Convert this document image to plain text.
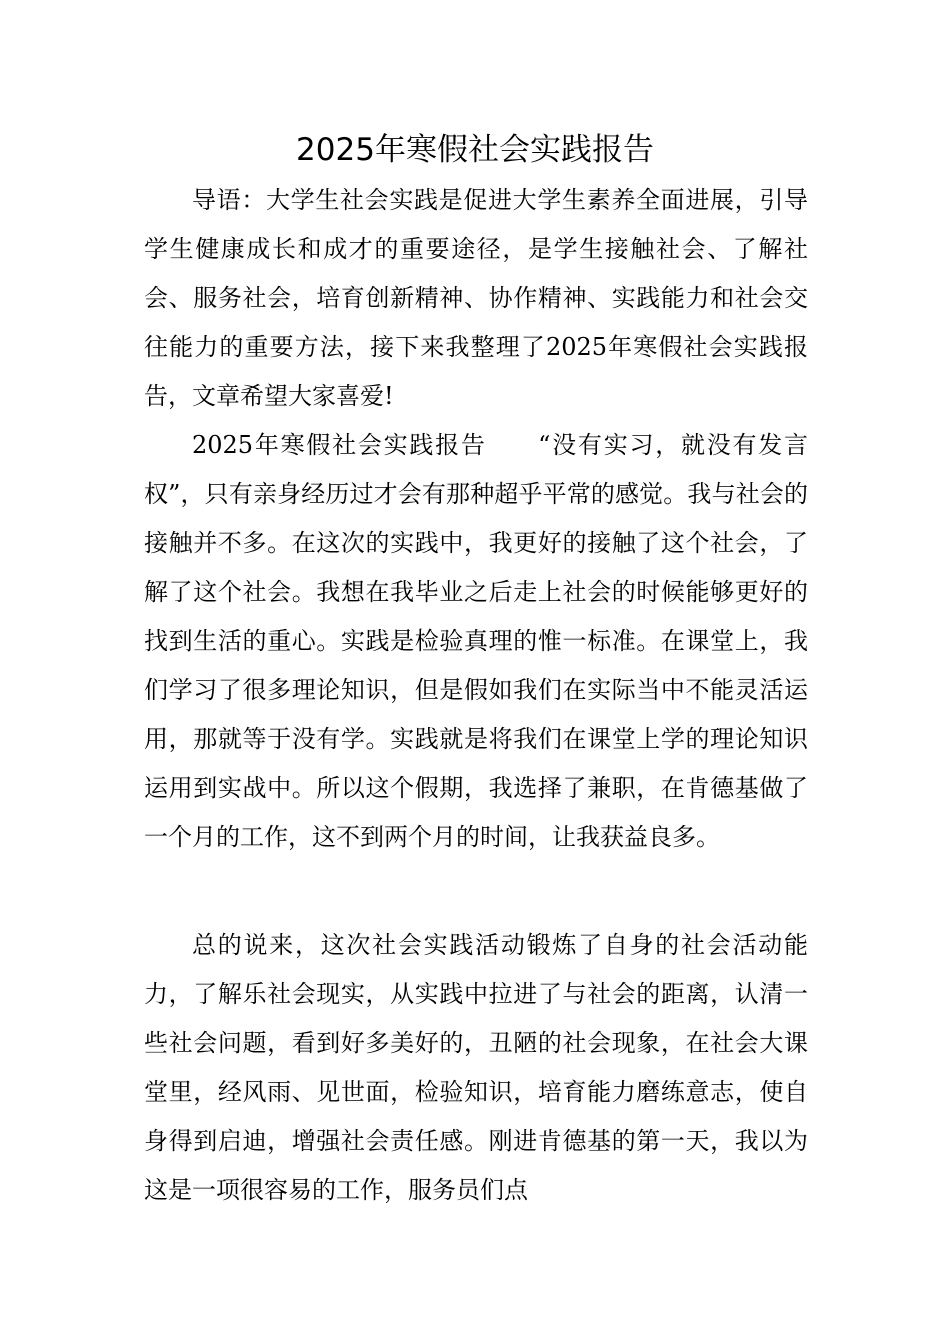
2025年寒假社会实践报告

导语：大学生社会实践是促进大学生素养全面进展，引导学生健康成长和成才的重要途径，是学生接触社会、了解社会、服务社会，培育创新精神、协作精神、实践能力和社会交往能力的重要方法，接下来我整理了2025年寒假社会实践报告，文章希望大家喜爱!

2025年寒假社会实践报告　　“没有实习，就没有发言权”，只有亲身经历过才会有那种超乎平常的感觉。我与社会的接触并不多。在这次的实践中，我更好的接触了这个社会，了解了这个社会。我想在我毕业之后走上社会的时候能够更好的找到生活的重心。实践是检验真理的惟一标准。在课堂上，我们学习了很多理论知识，但是假如我们在实际当中不能灵活运用，那就等于没有学。实践就是将我们在课堂上学的理论知识运用到实战中。所以这个假期，我选择了兼职，在肯德基做了一个月的工作，这不到两个月的时间，让我获益良多。

总的说来，这次社会实践活动锻炼了自身的社会活动能力，了解乐社会现实，从实践中拉进了与社会的距离，认清一些社会问题，看到好多美好的，丑陋的社会现象，在社会大课堂里，经风雨、见世面，检验知识，培育能力磨练意志，使自身得到启迪，增强社会责任感。刚进肯德基的第一天，我以为这是一项很容易的工作，服务员们点
